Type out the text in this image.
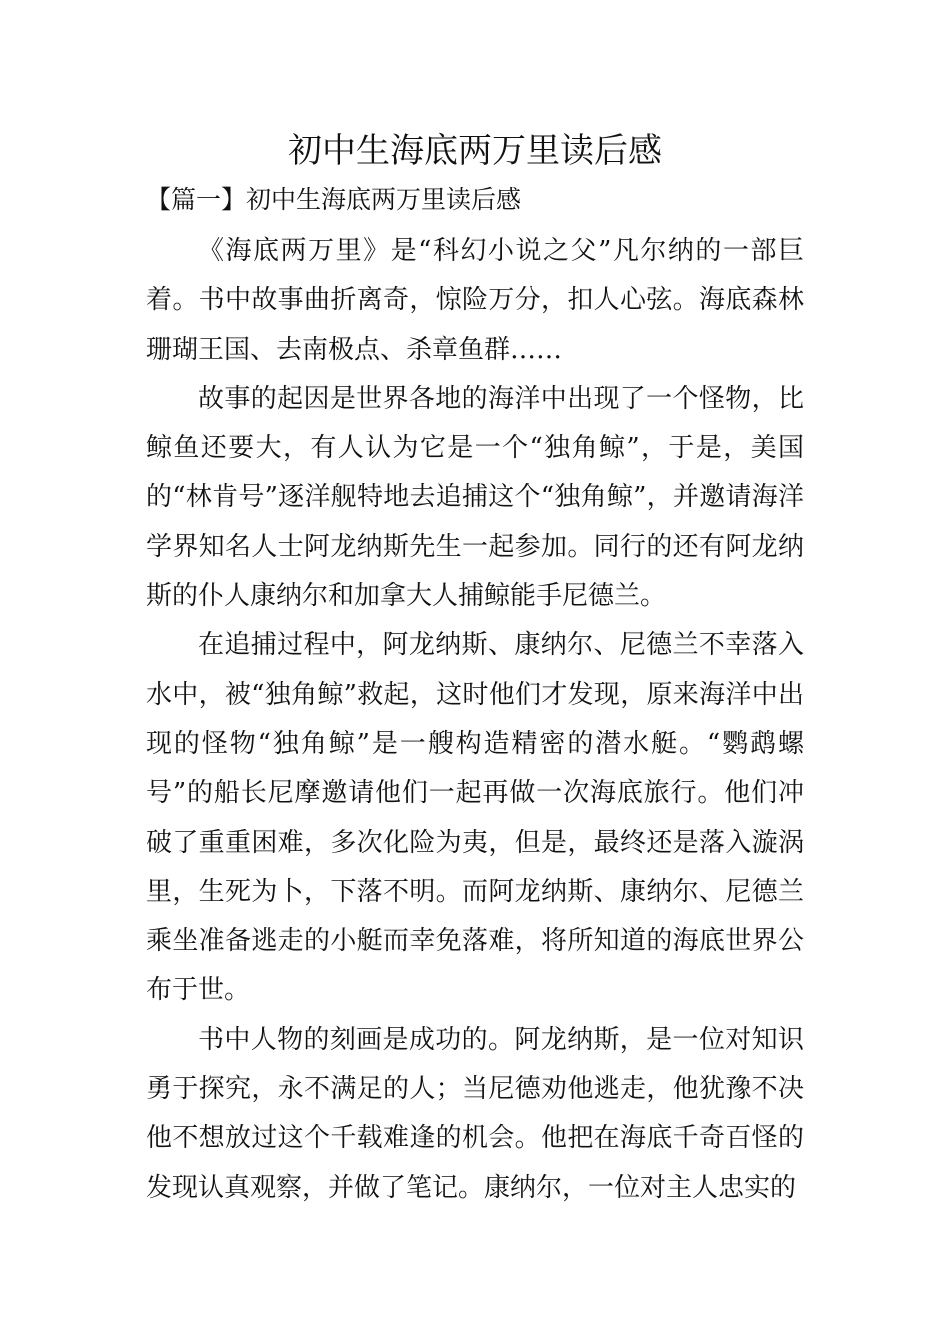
初中生海底两万里读后感

【篇一】初中生海底两万里读后感

《海底两万里》是“科幻小说之父”凡尔纳的一部巨着。书中故事曲折离奇，惊险万分，扣人心弦。海底森林珊瑚王国、去南极点、杀章鱼群……

故事的起因是世界各地的海洋中出现了一个怪物，比鲸鱼还要大，有人认为它是一个“独角鲸”，于是，美国的“林肯号”逐洋舰特地去追捕这个“独角鲸”，并邀请海洋学界知名人士阿龙纳斯先生一起参加。同行的还有阿龙纳斯的仆人康纳尔和加拿大人捕鲸能手尼德兰。

在追捕过程中，阿龙纳斯、康纳尔、尼德兰不幸落入水中，被“独角鲸”救起，这时他们才发现，原来海洋中出现的怪物“独角鲸”是一艘构造精密的潜水艇。“鹦鹉螺号”的船长尼摩邀请他们一起再做一次海底旅行。他们冲破了重重困难，多次化险为夷，但是，最终还是落入漩涡里，生死为卜，下落不明。而阿龙纳斯、康纳尔、尼德兰乘坐准备逃走的小艇而幸免落难，将所知道的海底世界公布于世。

书中人物的刻画是成功的。阿龙纳斯，是一位对知识勇于探究，永不满足的人；当尼德劝他逃走，他犹豫不决他不想放过这个千载难逢的机会。他把在海底千奇百怪的发现认真观察，并做了笔记。康纳尔，一位对主人忠实的
